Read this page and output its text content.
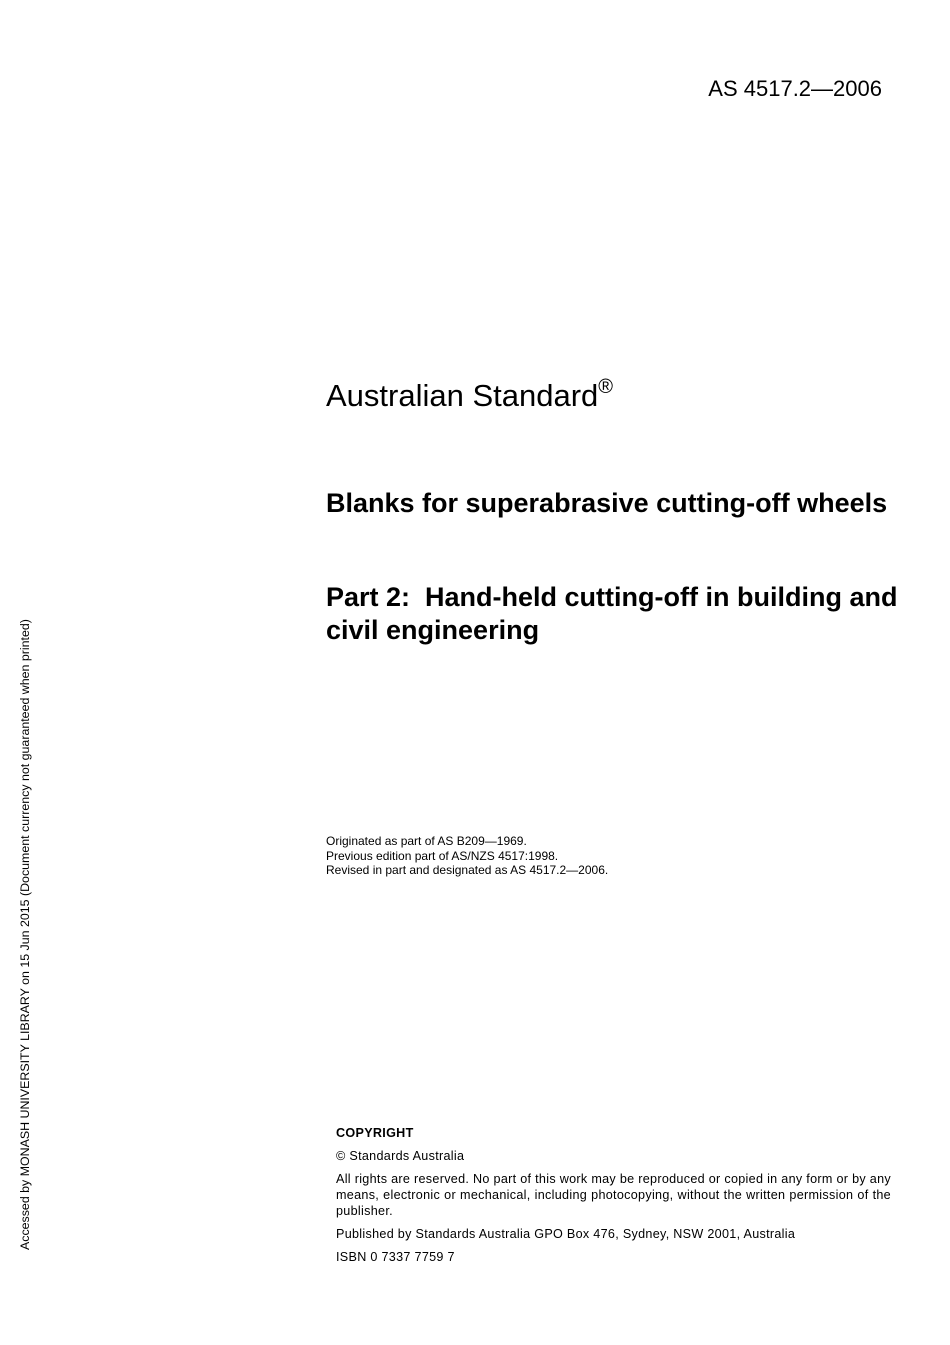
AS 4517.2—2006
Accessed by MONASH UNIVERSITY LIBRARY on 15 Jun 2015 (Document currency not guaranteed when printed)
Australian Standard®
Blanks for superabrasive cutting-off wheels
Part 2:  Hand-held cutting-off in building and civil engineering
Originated as part of AS B209—1969.
Previous edition part of AS/NZS 4517:1998.
Revised in part and designated as AS 4517.2—2006.
COPYRIGHT
© Standards Australia
All rights are reserved. No part of this work may be reproduced or copied in any form or by any means, electronic or mechanical, including photocopying, without the written permission of the publisher.
Published by Standards Australia GPO Box 476, Sydney, NSW 2001, Australia
ISBN 0 7337 7759 7
